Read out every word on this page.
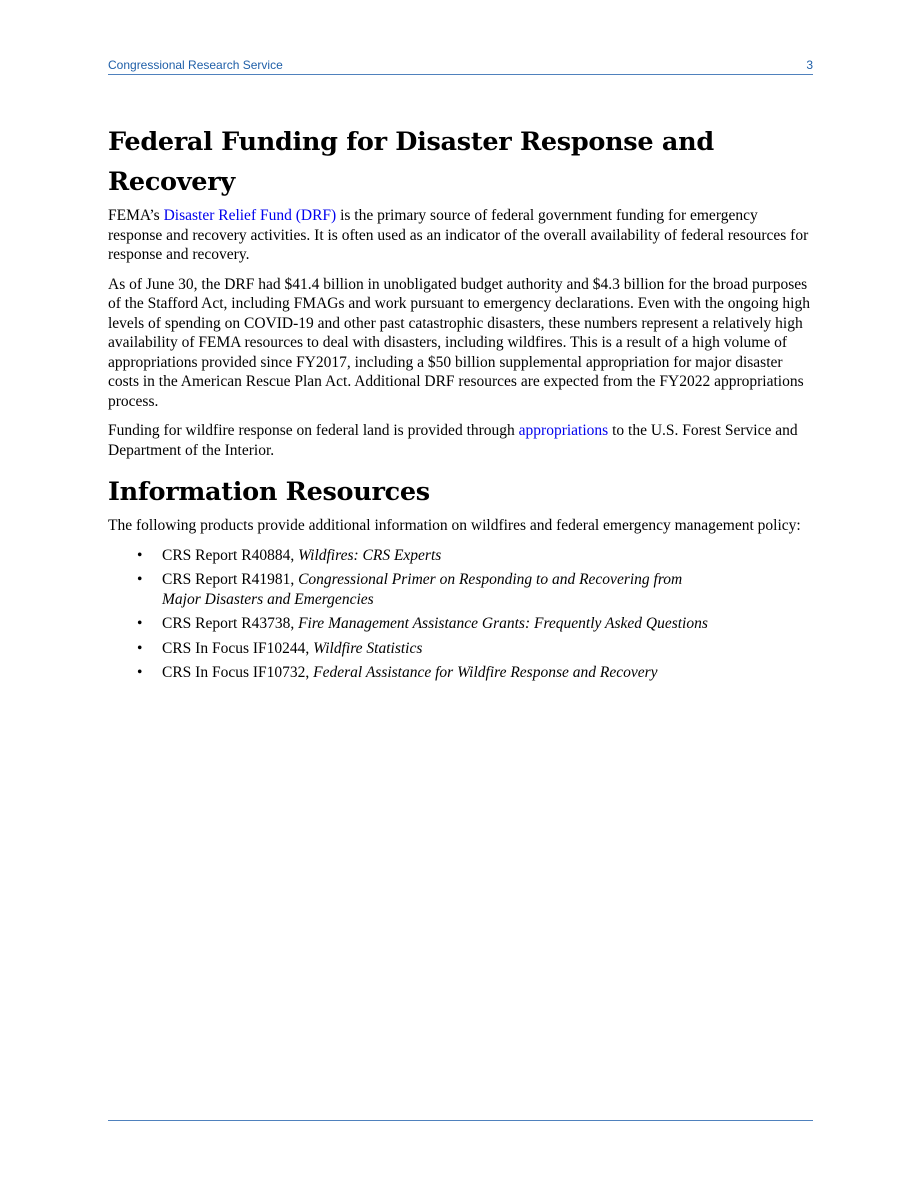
Congressional Research Service	3
Federal Funding for Disaster Response and Recovery

FEMA’s Disaster Relief Fund (DRF) is the primary source of federal government funding for emergency response and recovery activities. It is often used as an indicator of the overall availability of federal resources for response and recovery.

As of June 30, the DRF had $41.4 billion in unobligated budget authority and $4.3 billion for the broad purposes of the Stafford Act, including FMAGs and work pursuant to emergency declarations. Even with the ongoing high levels of spending on COVID-19 and other past catastrophic disasters, these numbers represent a relatively high availability of FEMA resources to deal with disasters, including wildfires. This is a result of a high volume of appropriations provided since FY2017, including a $50 billion supplemental appropriation for major disaster costs in the American Rescue Plan Act. Additional DRF resources are expected from the FY2022 appropriations process.

Funding for wildfire response on federal land is provided through appropriations to the U.S. Forest Service and Department of the Interior.

Information Resources

The following products provide additional information on wildfires and federal emergency management policy:

• CRS Report R40884, Wildfires: CRS Experts
• CRS Report R41981, Congressional Primer on Responding to and Recovering from
Major Disasters and Emergencies
• CRS Report R43738, Fire Management Assistance Grants: Frequently Asked Questions
• CRS In Focus IF10244, Wildfire Statistics
• CRS In Focus IF10732, Federal Assistance for Wildfire Response and Recovery
